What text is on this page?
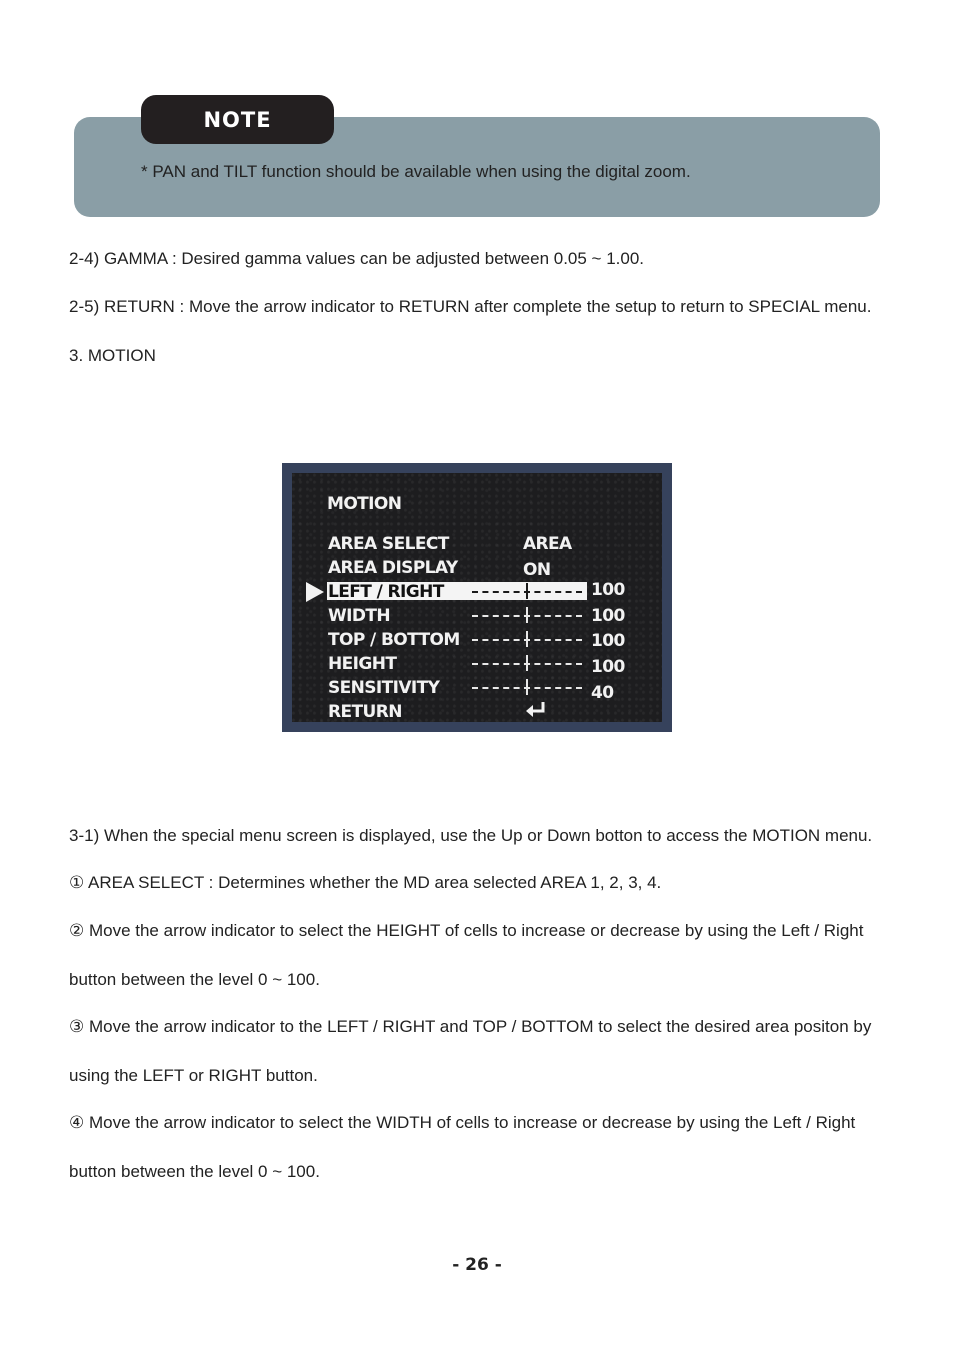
NOTE
* PAN and TILT function should be available when using the digital zoom.
2-4) GAMMA : Desired gamma values can be adjusted between 0.05 ~ 1.00.
2-5) RETURN : Move the arrow indicator to RETURN after complete the setup to return to SPECIAL menu.
3. MOTION
MOTION
AREA SELECT	AREA
AREA DISPLAY	ON
LEFT / RIGHT	100
WIDTH	100
TOP / BOTTOM	100
HEIGHT	100
SENSITIVITY	40
RETURN
3-1) When the special menu screen is displayed, use the Up or Down botton to access the MOTION menu.
① AREA SELECT : Determines whether the MD area selected AREA 1, 2, 3, 4.
② Move the arrow indicator to select the HEIGHT of cells to increase or decrease by using the Left / Right
button between the level 0 ~ 100.
③ Move the arrow indicator to the LEFT / RIGHT and TOP / BOTTOM to select the desired area positon by
using the LEFT or RIGHT button.
④ Move the arrow indicator to select the WIDTH of cells to increase or decrease by using the Left / Right
button between the level 0 ~ 100.
- 26 -
